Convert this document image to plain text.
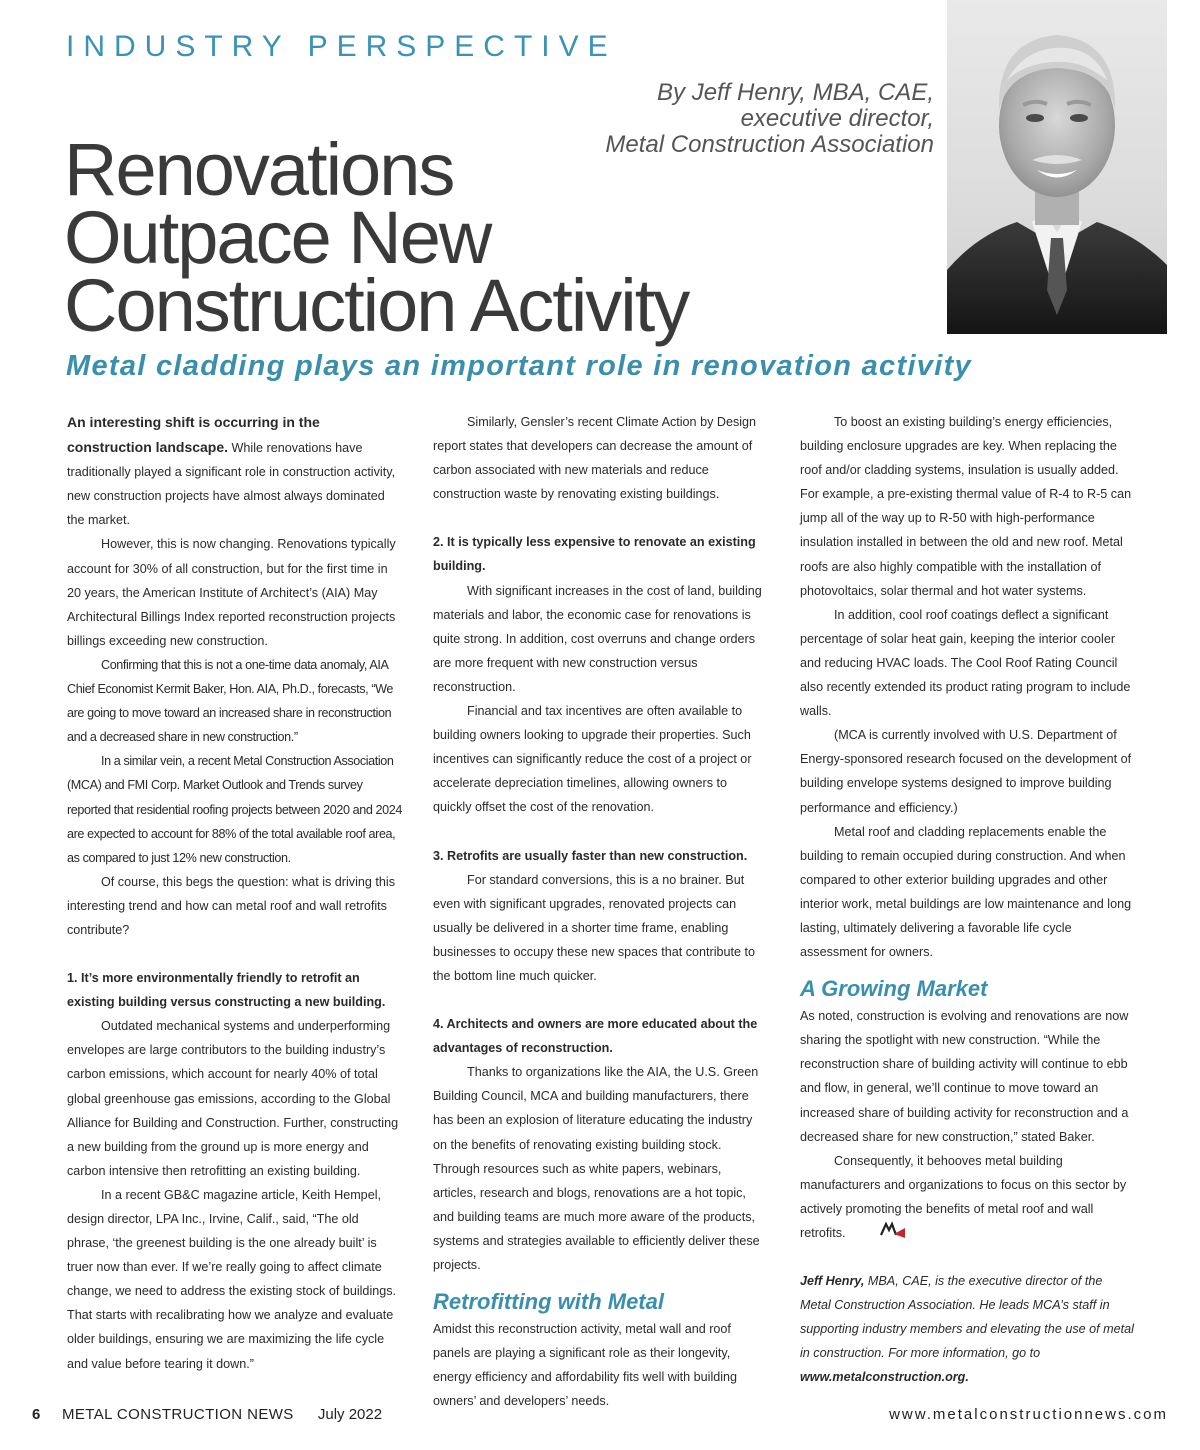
INDUSTRY PERSPECTIVE
By Jeff Henry, MBA, CAE,
executive director,
Metal Construction Association
Renovations
Outpace New
Construction Activity
Metal cladding plays an important role in renovation activity

An interesting shift is occurring in the construction landscape. While renovations have traditionally played a significant role in construction activity, new construction projects have almost always dominated the market.

However, this is now changing. Renovations typically account for 30% of all construction, but for the first time in 20 years, the American Institute of Architect’s (AIA) May Architectural Billings Index reported reconstruction projects billings exceeding new construction.

Confirming that this is not a one-time data anomaly, AIA Chief Economist Kermit Baker, Hon. AIA, Ph.D., forecasts, “We are going to move toward an increased share in reconstruction and a decreased share in new construction.”

In a similar vein, a recent Metal Construction Association (MCA) and FMI Corp. Market Outlook and Trends survey reported that residential roofing projects between 2020 and 2024 are expected to account for 88% of the total available roof area, as compared to just 12% new construction.

Of course, this begs the question: what is driving this interesting trend and how can metal roof and wall retrofits contribute?

1. It’s more environmentally friendly to retrofit an existing building versus constructing a new building.

Outdated mechanical systems and underperforming envelopes are large contributors to the building industry’s carbon emissions, which account for nearly 40% of total global greenhouse gas emissions, according to the Global Alliance for Building and Construction. Further, constructing a new building from the ground up is more energy and carbon intensive then retrofitting an existing building.

In a recent GB&C magazine article, Keith Hempel, design director, LPA Inc., Irvine, Calif., said, “The old phrase, ‘the greenest building is the one already built’ is truer now than ever. If we’re really going to affect climate change, we need to address the existing stock of buildings. That starts with recalibrating how we analyze and evaluate older buildings, ensuring we are maximizing the life cycle and value before tearing it down.”

Similarly, Gensler’s recent Climate Action by Design report states that developers can decrease the amount of carbon associated with new materials and reduce construction waste by renovating existing buildings.

2. It is typically less expensive to renovate an existing building.

With significant increases in the cost of land, building materials and labor, the economic case for renovations is quite strong. In addition, cost overruns and change orders are more frequent with new construction versus reconstruction.

Financial and tax incentives are often available to building owners looking to upgrade their properties. Such incentives can significantly reduce the cost of a project or accelerate depreciation timelines, allowing owners to quickly offset the cost of the renovation.

3. Retrofits are usually faster than new construction.

For standard conversions, this is a no brainer. But even with significant upgrades, renovated projects can usually be delivered in a shorter time frame, enabling businesses to occupy these new spaces that contribute to the bottom line much quicker.

4. Architects and owners are more educated about the advantages of reconstruction.

Thanks to organizations like the AIA, the U.S. Green Building Council, MCA and building manufacturers, there has been an explosion of literature educating the industry on the benefits of renovating existing building stock. Through resources such as white papers, webinars, articles, research and blogs, renovations are a hot topic, and building teams are much more aware of the products, systems and strategies available to efficiently deliver these projects.

Retrofitting with Metal

Amidst this reconstruction activity, metal wall and roof panels are playing a significant role as their longevity, energy efficiency and affordability fits well with building owners’ and developers’ needs.

To boost an existing building’s energy efficiencies, building enclosure upgrades are key. When replacing the roof and/or cladding systems, insulation is usually added. For example, a pre-existing thermal value of R-4 to R-5 can jump all of the way up to R-50 with high-performance insulation installed in between the old and new roof. Metal roofs are also highly compatible with the installation of photovoltaics, solar thermal and hot water systems.

In addition, cool roof coatings deflect a significant percentage of solar heat gain, keeping the interior cooler and reducing HVAC loads. The Cool Roof Rating Council also recently extended its product rating program to include walls.

(MCA is currently involved with U.S. Department of Energy-sponsored research focused on the development of building envelope systems designed to improve building performance and efficiency.)

Metal roof and cladding replacements enable the building to remain occupied during construction. And when compared to other exterior building upgrades and other interior work, metal buildings are low maintenance and long lasting, ultimately delivering a favorable life cycle assessment for owners.

A Growing Market

As noted, construction is evolving and renovations are now sharing the spotlight with new construction. “While the reconstruction share of building activity will continue to ebb and flow, in general, we’ll continue to move toward an increased share of building activity for reconstruction and a decreased share for new construction,” stated Baker.

Consequently, it behooves metal building manufacturers and organizations to focus on this sector by actively promoting the benefits of metal roof and wall retrofits.

Jeff Henry, MBA, CAE, is the executive director of the Metal Construction Association. He leads MCA’s staff in supporting industry members and elevating the use of metal in construction. For more information, go to www.metalconstruction.org.

6 METAL CONSTRUCTION NEWS July 2022	www.metalconstructionnews.com
